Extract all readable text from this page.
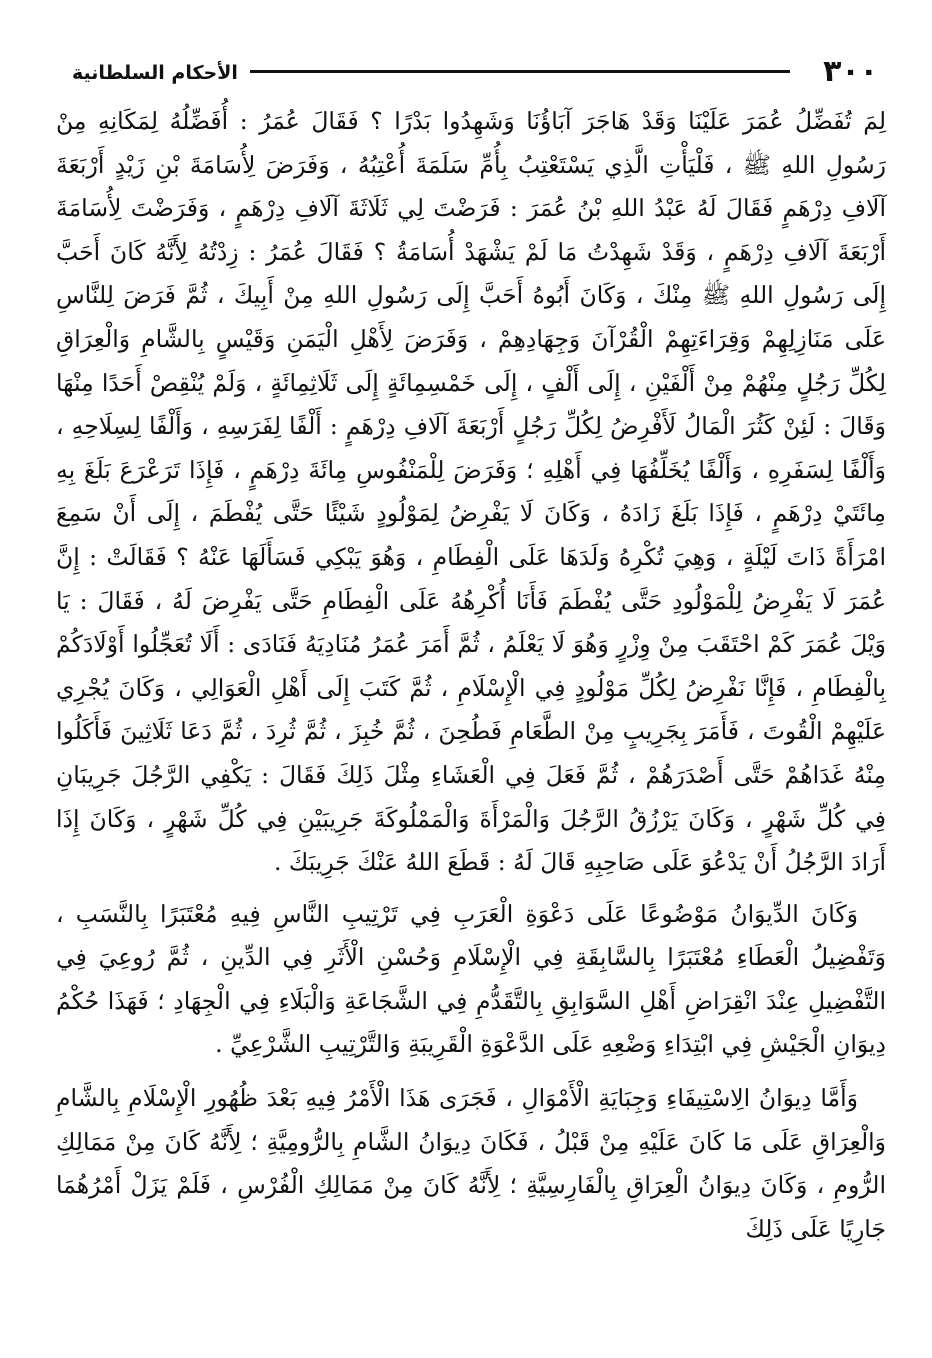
٣٠٠
الأحكام السلطانية

لِمَ تُفَضِّلُ عُمَرَ عَلَيْنَا وَقَدْ هَاجَرَ آبَاؤُنَا وَشَهِدُوا بَدْرًا ؟ فَقَالَ عُمَرُ : أُفَضِّلُهُ لِمَكَانِهِ مِنْ رَسُولِ اللهِ ﷺ ، فَلْيَأْتِ الَّذِي يَسْتَعْتِبُ بِأُمِّ سَلَمَةَ أُعْتِبُهُ ، وَفَرَضَ لِأُسَامَةَ بْنِ زَيْدٍ أَرْبَعَةَ آلَافِ دِرْهَمٍ فَقَالَ لَهُ عَبْدُ اللهِ بْنُ عُمَرَ : فَرَضْتَ لِي ثَلَاثَةَ آلَافِ دِرْهَمٍ ، وَفَرَضْتَ لِأُسَامَةَ أَرْبَعَةَ آلَافِ دِرْهَمٍ ، وَقَدْ شَهِدْتُ مَا لَمْ يَشْهَدْ أُسَامَةُ ؟ فَقَالَ عُمَرُ : زِدْتُهُ لِأَنَّهُ كَانَ أَحَبَّ إِلَى رَسُولِ اللهِ ﷺ مِنْكَ ، وَكَانَ أَبُوهُ أَحَبَّ إِلَى رَسُولِ اللهِ مِنْ أَبِيكَ ، ثُمَّ فَرَضَ لِلنَّاسِ عَلَى مَنَازِلِهِمْ وَقِرَاءَتِهِمْ الْقُرْآنَ وَجِهَادِهِمْ ، وَفَرَضَ لِأَهْلِ الْيَمَنِ وَقَيْسٍ بِالشَّامِ وَالْعِرَاقِ لِكُلِّ رَجُلٍ مِنْهُمْ مِنْ أَلْفَيْنِ ، إِلَى أَلْفٍ ، إِلَى خَمْسِمِائَةٍ إِلَى ثَلَاثِمِائَةٍ ، وَلَمْ يُنْقِصْ أَحَدًا مِنْهَا وَقَالَ : لَئِنْ كَثُرَ الْمَالُ لَأَفْرِضُ لِكُلِّ رَجُلٍ أَرْبَعَةَ آلَافِ دِرْهَمٍ : أَلْفًا لِفَرَسِهِ ، وَأَلْفًا لِسِلَاحِهِ ، وَأَلْفًا لِسَفَرِهِ ، وَأَلْفًا يُخَلِّفُهَا فِي أَهْلِهِ ؛ وَفَرَضَ لِلْمَنْفُوسِ مِائَةَ دِرْهَمٍ ، فَإِذَا تَرَعْرَعَ بَلَغَ بِهِ مِائَتَيْ دِرْهَمٍ ، فَإِذَا بَلَغَ زَادَهُ ، وَكَانَ لَا يَفْرِضُ لِمَوْلُودٍ شَيْئًا حَتَّى يُفْطَمَ ، إِلَى أَنْ سَمِعَ امْرَأَةً ذَاتَ لَيْلَةٍ ، وَهِيَ تُكْرِهُ وَلَدَهَا عَلَى الْفِطَامِ ، وَهُوَ يَبْكِي فَسَأَلَهَا عَنْهُ ؟ فَقَالَتْ : إِنَّ عُمَرَ لَا يَفْرِضُ لِلْمَوْلُودِ حَتَّى يُفْطَمَ فَأَنَا أُكْرِهُهُ عَلَى الْفِطَامِ حَتَّى يَفْرِضَ لَهُ ، فَقَالَ : يَا وَيْلَ عُمَرَ كَمْ احْتَقَبَ مِنْ وِزْرٍ وَهُوَ لَا يَعْلَمُ ، ثُمَّ أَمَرَ عُمَرُ مُنَادِيَهُ فَنَادَى : أَلَا تُعَجِّلُوا أَوْلَادَكُمْ بِالْفِطَامِ ، فَإِنَّا نَفْرِضُ لِكُلِّ مَوْلُودٍ فِي الْإِسْلَامِ ، ثُمَّ كَتَبَ إِلَى أَهْلِ الْعَوَالِي ، وَكَانَ يُجْرِي عَلَيْهِمْ الْقُوتَ ، فَأَمَرَ بِجَرِيبٍ مِنْ الطَّعَامِ فَطُحِنَ ، ثُمَّ خُبِزَ ، ثُمَّ ثُرِدَ ، ثُمَّ دَعَا ثَلَاثِينَ فَأَكَلُوا مِنْهُ غَدَاهُمْ حَتَّى أَصْدَرَهُمْ ، ثُمَّ فَعَلَ فِي الْعَشَاءِ مِثْلَ ذَلِكَ فَقَالَ : يَكْفِي الرَّجُلَ جَرِيبَانِ فِي كُلِّ شَهْرٍ ، وَكَانَ يَرْزُقُ الرَّجُلَ وَالْمَرْأَةَ وَالْمَمْلُوكَةَ جَرِيبَيْنِ فِي كُلِّ شَهْرٍ ، وَكَانَ إِذَا أَرَادَ الرَّجُلُ أَنْ يَدْعُوَ عَلَى صَاحِبِهِ قَالَ لَهُ : قَطَعَ اللهُ عَنْكَ جَرِيبَكَ .

وَكَانَ الدِّيوَانُ مَوْضُوعًا عَلَى دَعْوَةِ الْعَرَبِ فِي تَرْتِيبِ النَّاسِ فِيهِ مُعْتَبَرًا بِالنَّسَبِ ، وَتَفْضِيلُ الْعَطَاءِ مُعْتَبَرًا بِالسَّابِقَةِ فِي الْإِسْلَامِ وَحُسْنِ الْأَثَرِ فِي الدِّينِ ، ثُمَّ رُوعِيَ فِي التَّفْضِيلِ عِنْدَ انْقِرَاضِ أَهْلِ السَّوَابِقِ بِالتَّقَدُّمِ فِي الشَّجَاعَةِ وَالْبَلَاءِ فِي الْجِهَادِ ؛ فَهَذَا حُكْمُ دِيوَانِ الْجَيْشِ فِي ابْتِدَاءِ وَضْعِهِ عَلَى الدَّعْوَةِ الْقَرِيبَةِ وَالتَّرْتِيبِ الشَّرْعِيِّ .

وَأَمَّا دِيوَانُ الِاسْتِيفَاءِ وَجِبَايَةِ الْأَمْوَالِ ، فَجَرَى هَذَا الْأَمْرُ فِيهِ بَعْدَ ظُهُورِ الْإِسْلَامِ بِالشَّامِ وَالْعِرَاقِ عَلَى مَا كَانَ عَلَيْهِ مِنْ قَبْلُ ، فَكَانَ دِيوَانُ الشَّامِ بِالرُّومِيَّةِ ؛ لِأَنَّهُ كَانَ مِنْ مَمَالِكِ الرُّومِ ، وَكَانَ دِيوَانُ الْعِرَاقِ بِالْفَارِسِيَّةِ ؛ لِأَنَّهُ كَانَ مِنْ مَمَالِكِ الْفُرْسِ ، فَلَمْ يَزَلْ أَمْرُهُمَا جَارِيًا عَلَى ذَلِكَ
